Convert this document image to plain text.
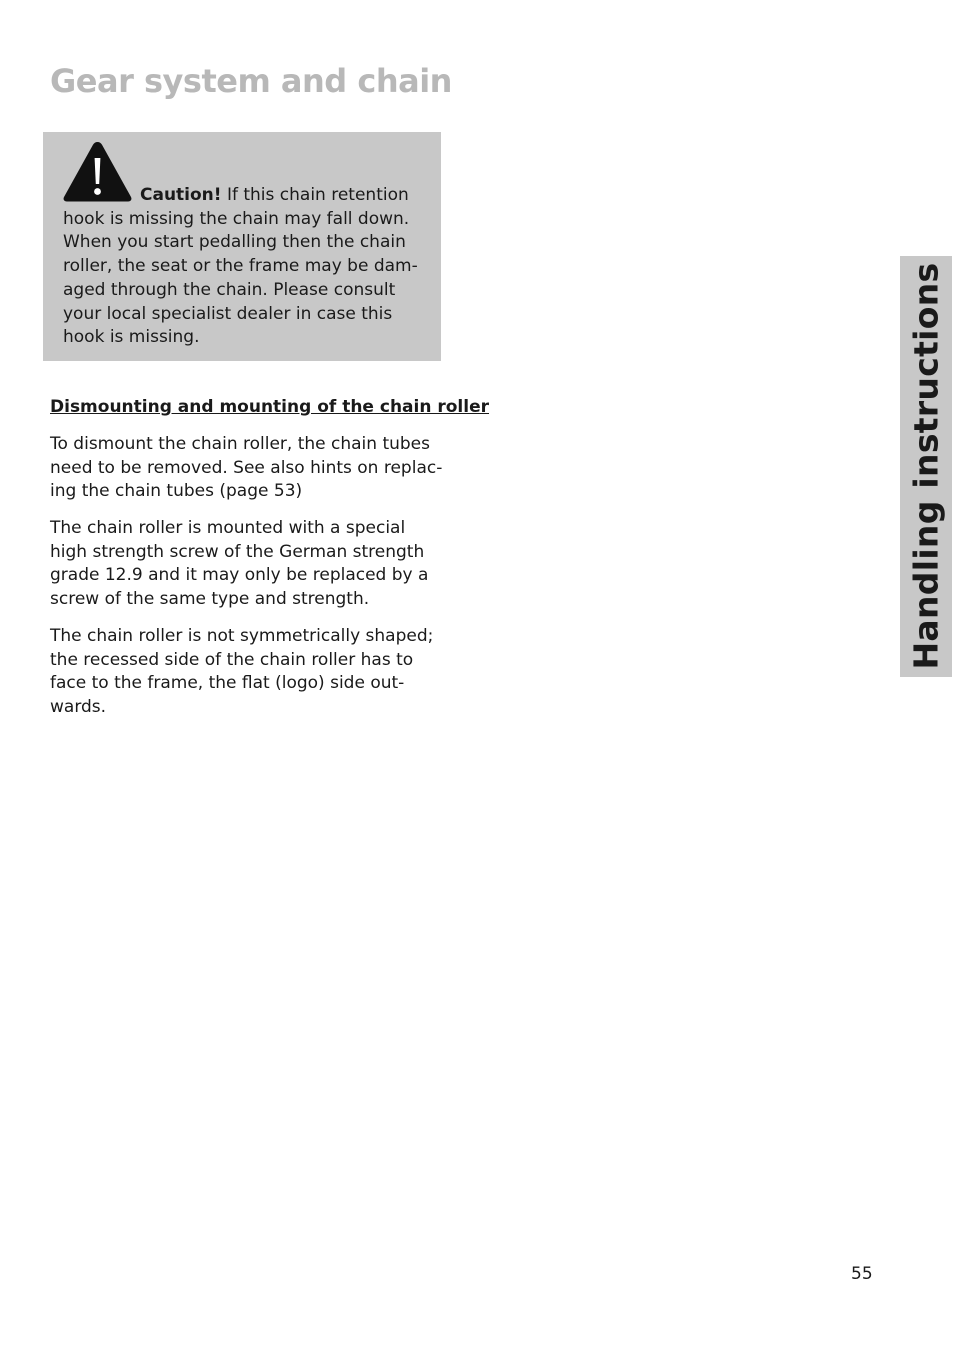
Gear system and chain

Caution! If this chain retention
hook is missing the chain may fall down.
When you start pedalling then the chain
roller, the seat or the frame may be dam-
aged through the chain. Please consult
your local specialist dealer in case this
hook is missing.

Dismounting and mounting of the chain roller

To dismount the chain roller, the chain tubes
need to be removed. See also hints on replac-
ing the chain tubes (page 53)

The chain roller is mounted with a special
high strength screw of the German strength
grade 12.9 and it may only be replaced by a
screw of the same type and strength.

The chain roller is not symmetrically shaped;
the recessed side of the chain roller has to
face to the frame, the flat (logo) side out-
wards.

Handling instructions
55
